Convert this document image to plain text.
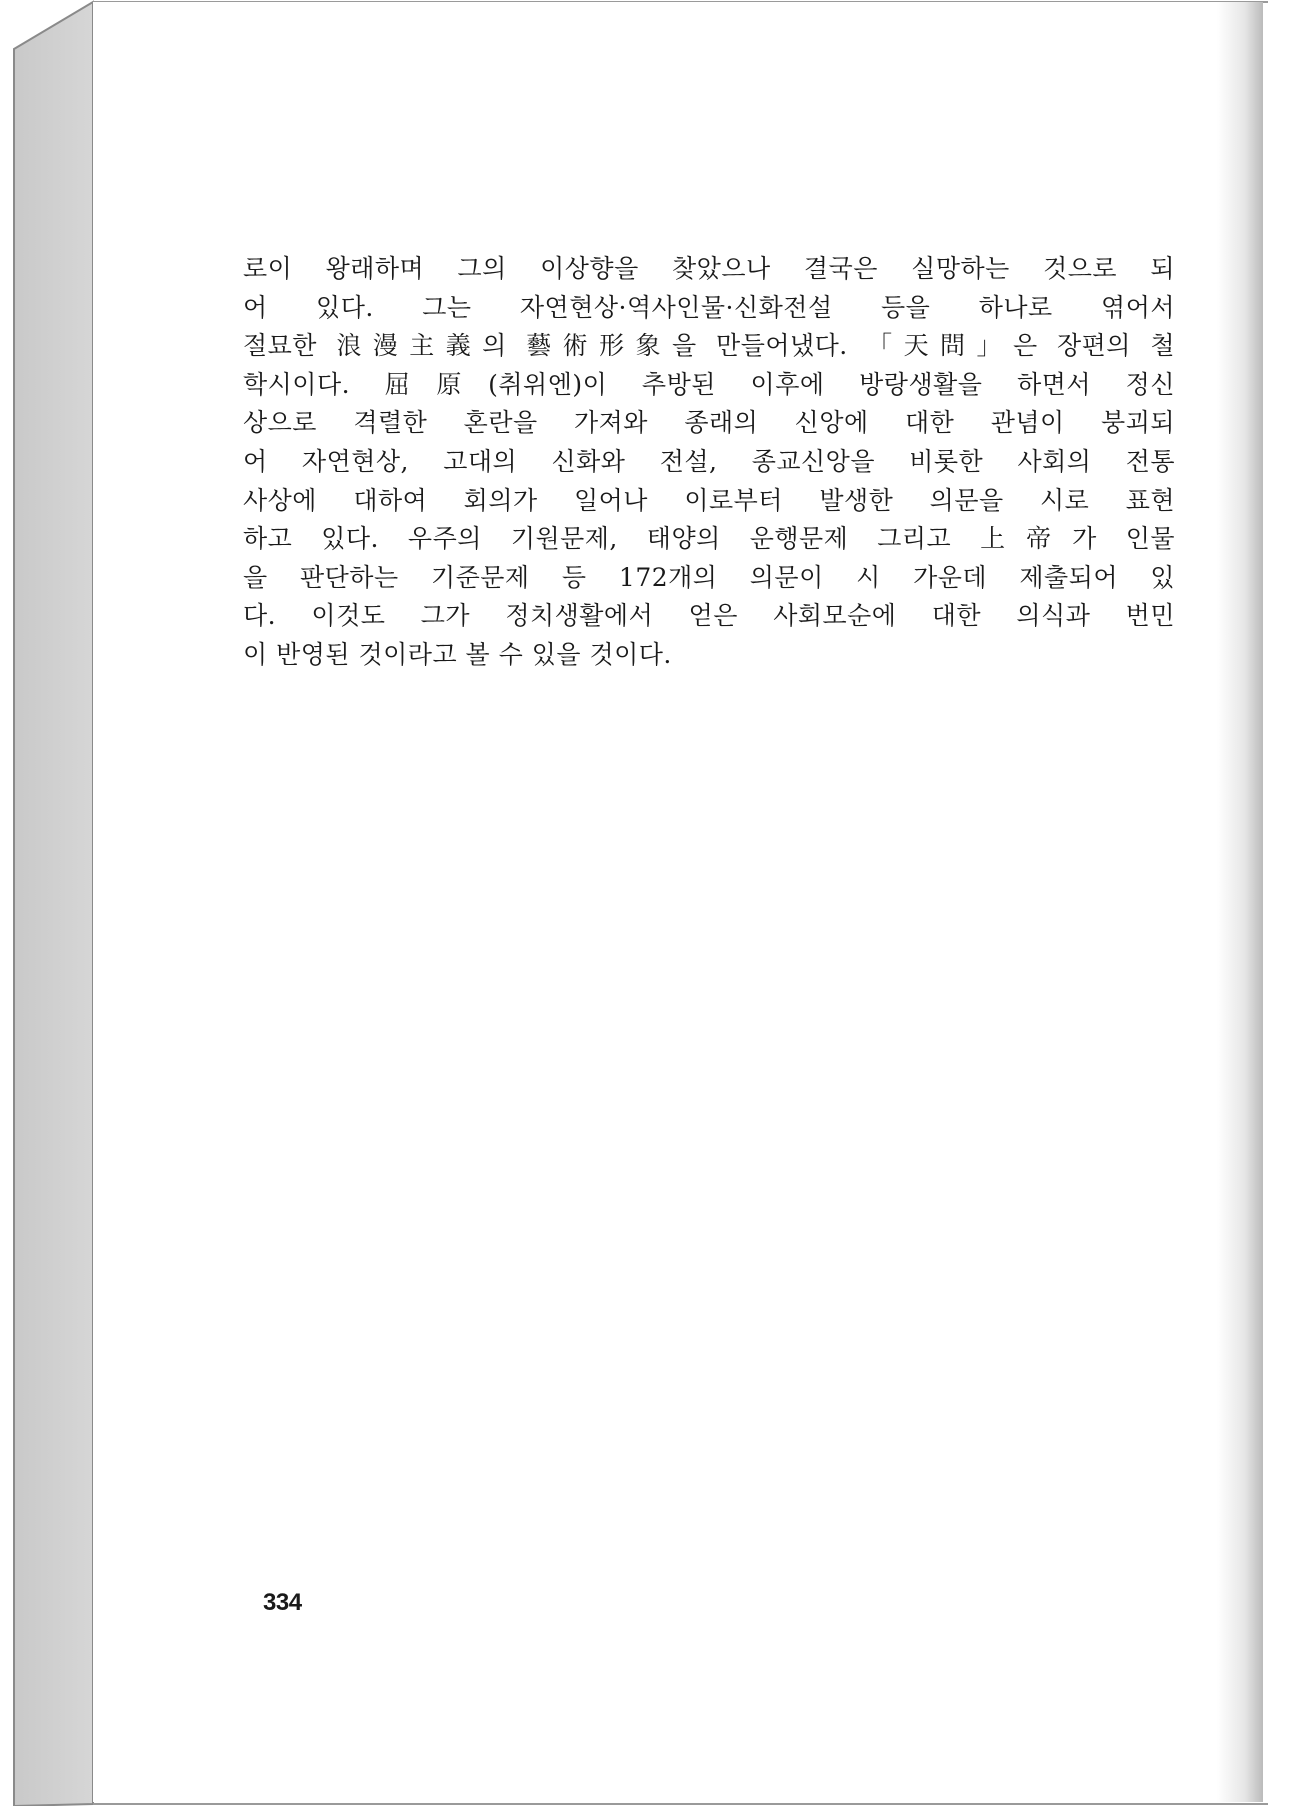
로이 왕래하며 그의 이상향을 찾았으나 결국은 실망하는 것으로 되
어 있다. 그는 자연현상·역사인물·신화전설 등을 하나로 엮어서
절묘한 浪漫主義의 藝術形象을 만들어냈다. 「天問」은 장편의 철
학시이다. 屈原(취위엔)이 추방된 이후에 방랑생활을 하면서 정신
상으로 격렬한 혼란을 가져와 종래의 신앙에 대한 관념이 붕괴되
어 자연현상, 고대의 신화와 전설, 종교신앙을 비롯한 사회의 전통
사상에 대하여 회의가 일어나 이로부터 발생한 의문을 시로 표현
하고 있다. 우주의 기원문제, 태양의 운행문제 그리고 上帝가 인물
을 판단하는 기준문제 등 172개의 의문이 시 가운데 제출되어 있
다. 이것도 그가 정치생활에서 얻은 사회모순에 대한 의식과 번민
이 반영된 것이라고 볼 수 있을 것이다.
334
